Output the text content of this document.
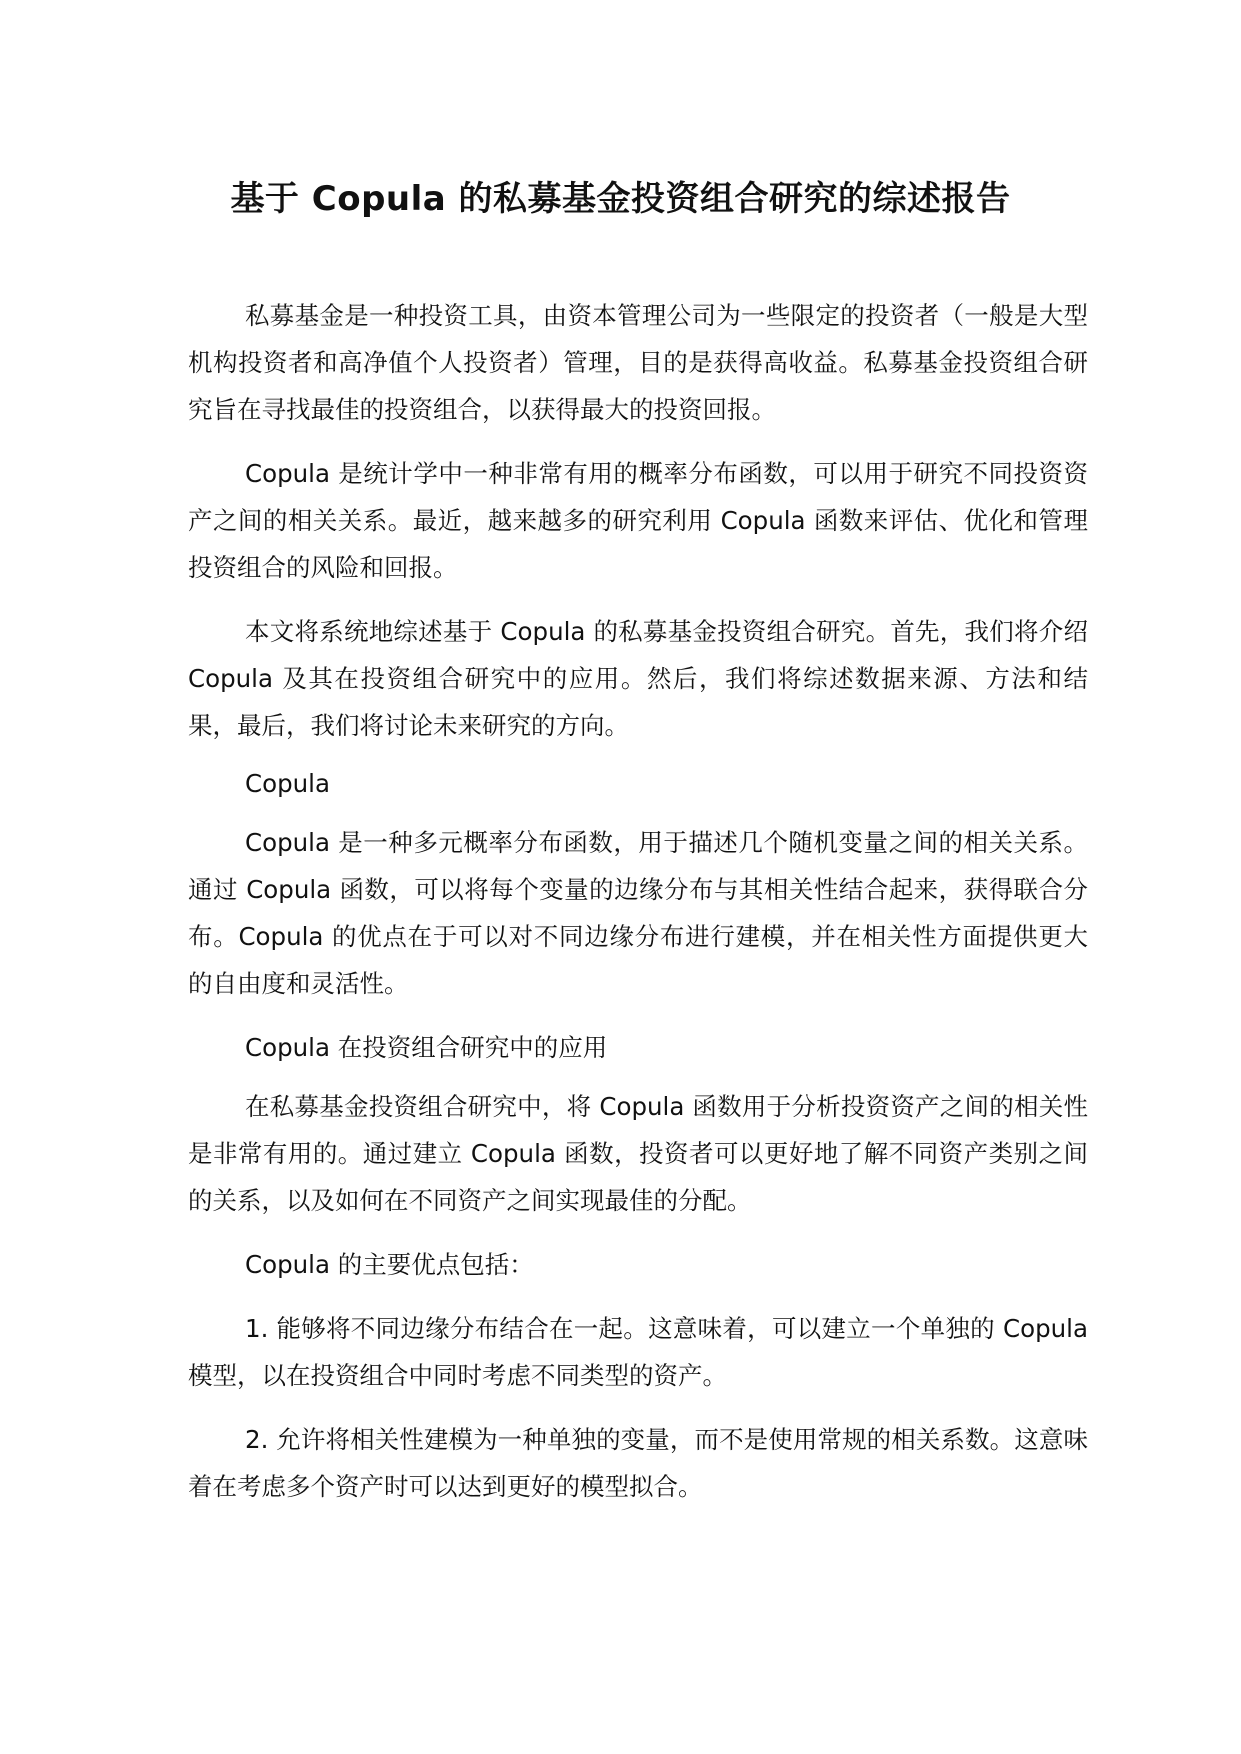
基于 Copula 的私募基金投资组合研究的综述报告

私募基金是一种投资工具，由资本管理公司为一些限定的投资者（一般是大型机构投资者和高净值个人投资者）管理，目的是获得高收益。私募基金投资组合研究旨在寻找最佳的投资组合，以获得最大的投资回报。

Copula 是统计学中一种非常有用的概率分布函数，可以用于研究不同投资资产之间的相关关系。最近，越来越多的研究利用 Copula 函数来评估、优化和管理投资组合的风险和回报。

本文将系统地综述基于 Copula 的私募基金投资组合研究。首先，我们将介绍 Copula 及其在投资组合研究中的应用。然后，我们将综述数据来源、方法和结果，最后，我们将讨论未来研究的方向。

Copula

Copula 是一种多元概率分布函数，用于描述几个随机变量之间的相关关系。通过 Copula 函数，可以将每个变量的边缘分布与其相关性结合起来，获得联合分布。Copula 的优点在于可以对不同边缘分布进行建模，并在相关性方面提供更大的自由度和灵活性。

Copula 在投资组合研究中的应用

在私募基金投资组合研究中，将 Copula 函数用于分析投资资产之间的相关性是非常有用的。通过建立 Copula 函数，投资者可以更好地了解不同资产类别之间的关系，以及如何在不同资产之间实现最佳的分配。

Copula 的主要优点包括：

1. 能够将不同边缘分布结合在一起。这意味着，可以建立一个单独的 Copula 模型，以在投资组合中同时考虑不同类型的资产。

2. 允许将相关性建模为一种单独的变量，而不是使用常规的相关系数。这意味着在考虑多个资产时可以达到更好的模型拟合。
